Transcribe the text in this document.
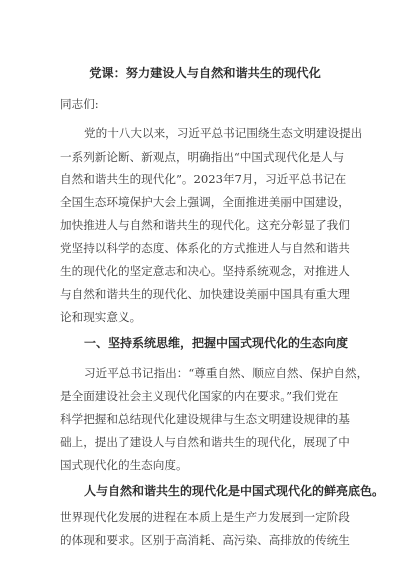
党课：努力建设人与自然和谐共生的现代化
同志们:
党的十八大以来，习近平总书记围绕生态文明建设提出
一系列新论断、新观点，明确指出“中国式现代化是人与
自然和谐共生的现代化”。2023年7月，习近平总书记在
全国生态环境保护大会上强调，全面推进美丽中国建设，
加快推进人与自然和谐共生的现代化。这充分彰显了我们
党坚持以科学的态度、体系化的方式推进人与自然和谐共
生的现代化的坚定意志和决心。坚持系统观念，对推进人
与自然和谐共生的现代化、加快建设美丽中国具有重大理
论和现实意义。
一、坚持系统思维，把握中国式现代化的生态向度
习近平总书记指出：“尊重自然、顺应自然、保护自然，
是全面建设社会主义现代化国家的内在要求。”我们党在
科学把握和总结现代化建设规律与生态文明建设规律的基
础上，提出了建设人与自然和谐共生的现代化，展现了中
国式现代化的生态向度。
人与自然和谐共生的现代化是中国式现代化的鲜亮底色。
世界现代化发展的进程在本质上是生产力发展到一定阶段
的体现和要求。区别于高消耗、高污染、高排放的传统生
